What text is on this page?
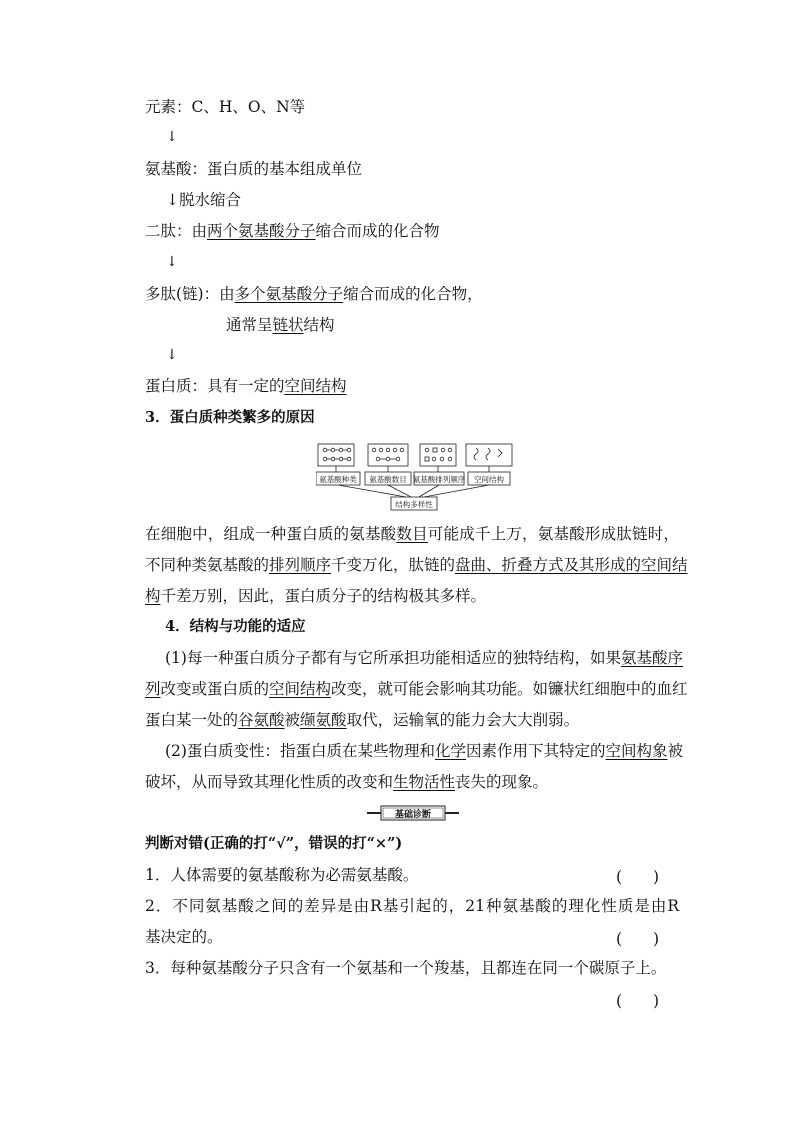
元素：C、H、O、N等
↓
氨基酸：蛋白质的基本组成单位
↓脱水缩合
二肽：由两个氨基酸分子缩合而成的化合物
↓
多肽(链)：由多个氨基酸分子缩合而成的化合物，
通常呈链状结构
↓
蛋白质：具有一定的空间结构
3．蛋白质种类繁多的原因
氨基酸种类 氨基酸数目 氨基酸排列顺序 空间结构
结构多样性
在细胞中，组成一种蛋白质的氨基酸数目可能成千上万，氨基酸形成肽链时，
不同种类氨基酸的排列顺序千变万化，肽链的盘曲、折叠方式及其形成的空间结
构千差万别，因此，蛋白质分子的结构极其多样。
4．结构与功能的适应
(1)每一种蛋白质分子都有与它所承担功能相适应的独特结构，如果氨基酸序
列改变或蛋白质的空间结构改变，就可能会影响其功能。如镰状红细胞中的血红
蛋白某一处的谷氨酸被缬氨酸取代，运输氧的能力会大大削弱。
(2)蛋白质变性：指蛋白质在某些物理和化学因素作用下其特定的空间构象被
破坏，从而导致其理化性质的改变和生物活性丧失的现象。
基础诊断
判断对错(正确的打“√”，错误的打“×”)
1．人体需要的氨基酸称为必需氨基酸。	(　　)
2．不同氨基酸之间的差异是由R基引起的，21种氨基酸的理化性质是由R
基决定的。	(　　)
3．每种氨基酸分子只含有一个氨基和一个羧基，且都连在同一个碳原子上。
(　　)
